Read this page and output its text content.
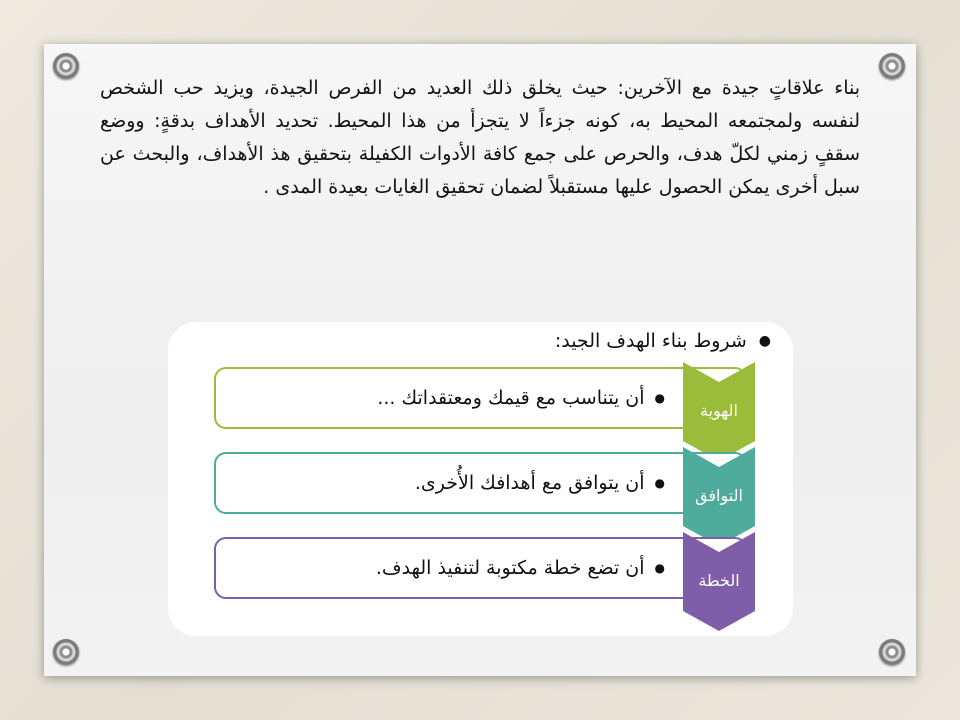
بناء علاقاتٍ جيدة مع الآخرين: حيث يخلق ذلك العديد من الفرص الجيدة، ويزيد حب الشخص لنفسه ولمجتمعه المحيط به، كونه جزءاً لا يتجزأ من هذا المحيط. تحديد الأهداف بدقةٍ: ووضع سقفٍ زمني لكلّ هدف، والحرص على جمع كافة الأدوات الكفيلة بتحقيق هذ الأهداف، والبحث عن سبل أخرى يمكن الحصول عليها مستقبلاً لضمان تحقيق الغايات بعيدة المدى .
●
شروط بناء الهدف الجيد:
●
أن يتناسب مع قيمك ومعتقداتك ...
الهوية
●
أن يتوافق مع أهدافك الأُخرى.
التوافق
●
أن تضع خطة مكتوبة لتنفيذ الهدف.
الخطة
